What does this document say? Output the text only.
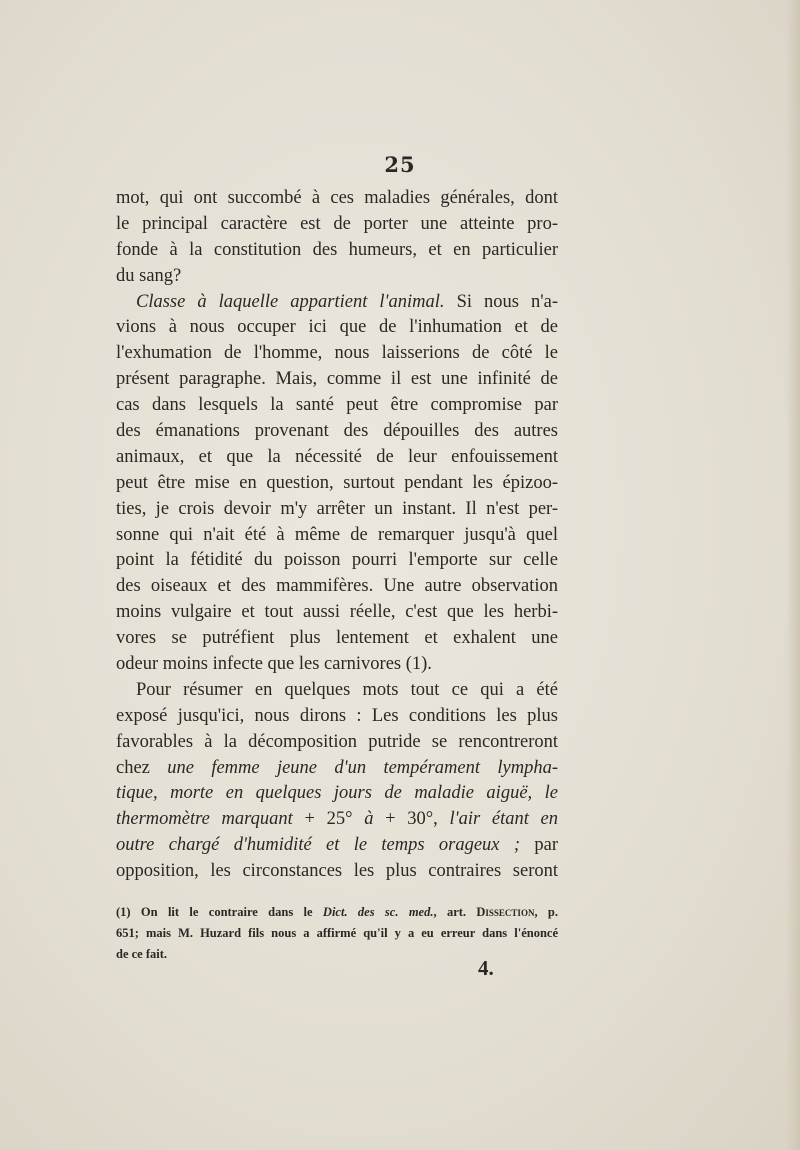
25
mot, qui ont succombé à ces maladies générales, dont
le principal caractère est de porter une atteinte pro-
fonde à la constitution des humeurs, et en particulier
du sang?
Classe à laquelle appartient l'animal. Si nous n'a-
vions à nous occuper ici que de l'inhumation et de
l'exhumation de l'homme, nous laisserions de côté le
présent paragraphe. Mais, comme il est une infinité de
cas dans lesquels la santé peut être compromise par
des émanations provenant des dépouilles des autres
animaux, et que la nécessité de leur enfouissement
peut être mise en question, surtout pendant les épizoo-
ties, je crois devoir m'y arrêter un instant. Il n'est per-
sonne qui n'ait été à même de remarquer jusqu'à quel
point la fétidité du poisson pourri l'emporte sur celle
des oiseaux et des mammifères. Une autre observation
moins vulgaire et tout aussi réelle, c'est que les herbi-
vores se putréfient plus lentement et exhalent une
odeur moins infecte que les carnivores (1).
Pour résumer en quelques mots tout ce qui a été
exposé jusqu'ici, nous dirons : Les conditions les plus
favorables à la décomposition putride se rencontreront
chez une femme jeune d'un tempérament lympha-
tique, morte en quelques jours de maladie aiguë, le
thermomètre marquant + 25° à + 30°, l'air étant en
outre chargé d'humidité et le temps orageux ; par
opposition, les circonstances les plus contraires seront
(1) On lit le contraire dans le Dict. des sc. med., art. Dissection, p.
651; mais M. Huzard fils nous a affirmé qu'il y a eu erreur dans l'énoncé
de ce fait.
4.
